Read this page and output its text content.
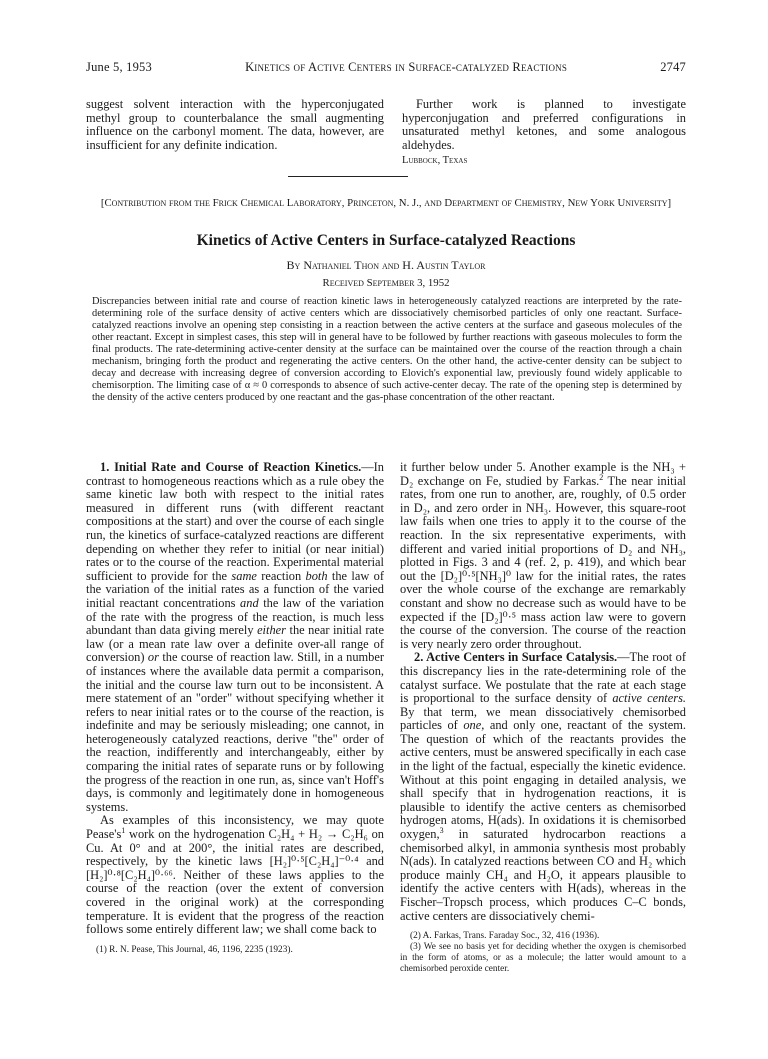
June 5, 1953	Kinetics of Active Centers in Surface-catalyzed Reactions	2747

suggest solvent interaction with the hyperconjugated methyl group to counterbalance the small augmenting influence on the carbonyl moment. The data, however, are insufficient for any definite indication.

Further work is planned to investigate hyperconjugation and preferred configurations in unsaturated methyl ketones, and some analogous aldehydes.

Lubbock, Texas
[Contribution from the Frick Chemical Laboratory, Princeton, N. J., and Department of Chemistry, New York University]
Kinetics of Active Centers in Surface-catalyzed Reactions
By Nathaniel Thon and H. Austin Taylor
Received September 3, 1952
Discrepancies between initial rate and course of reaction kinetic laws in heterogeneously catalyzed reactions are interpreted by the rate-determining role of the surface density of active centers which are dissociatively chemisorbed particles of only one reactant. Surface-catalyzed reactions involve an opening step consisting in a reaction between the active centers at the surface and gaseous molecules of the other reactant. Except in simplest cases, this step will in general have to be followed by further reactions with gaseous molecules to form the final products. The rate-determining active-center density at the surface can be maintained over the course of the reaction through a chain mechanism, bringing forth the product and regenerating the active centers. On the other hand, the active-center density can be subject to decay and decrease with increasing degree of conversion according to Elovich's exponential law, previously found widely applicable to chemisorption. The limiting case of α ≈ 0 corresponds to absence of such active-center decay. The rate of the opening step is determined by the density of the active centers produced by one reactant and the gas-phase concentration of the other reactant.

1. Initial Rate and Course of Reaction Kinetics.—In contrast to homogeneous reactions which as a rule obey the same kinetic law both with respect to the initial rates measured in different runs (with different reactant compositions at the start) and over the course of each single run, the kinetics of surface-catalyzed reactions are different depending on whether they refer to initial (or near initial) rates or to the course of the reaction. Experimental material sufficient to provide for the same reaction both the law of the variation of the initial rates as a function of the varied initial reactant concentrations and the law of the variation of the rate with the progress of the reaction, is much less abundant than data giving merely either the near initial rate law (or a mean rate law over a definite over-all range of conversion) or the course of reaction law. Still, in a number of instances where the available data permit a comparison, the initial and the course law turn out to be inconsistent. A mere statement of an "order" without specifying whether it refers to near initial rates or to the course of the reaction, is indefinite and may be seriously misleading; one cannot, in heterogeneously catalyzed reactions, derive "the" order of the reaction, indifferently and interchangeably, either by comparing the initial rates of separate runs or by following the progress of the reaction in one run, as, since van't Hoff's days, is commonly and legitimately done in homogeneous systems.

As examples of this inconsistency, we may quote $Pease's^1$ work on the hydrogenation C₂H₄ + H₂ → C₂H₆ on Cu. At 0° and at 200°, the initial rates are described, respectively, by the kinetic laws [H₂]⁰·⁵[C₂H₄]⁻⁰·⁴ and [H₂]⁰·⁸[C₂H₄]⁰·⁶⁶. Neither of these laws applies to the course of the reaction (over the extent of conversion covered in the original work) at the corresponding temperature. It is evident that the progress of the reaction follows some entirely different law; we shall come back to

(1) R. N. Pease, This Journal, 46, 1196, 2235 (1923).

it further below under 5. Another example is the NH₃ + D₂ exchange on Fe, studied by Farkas.$^2$ The near initial rates, from one run to another, are, roughly, of 0.5 order in D₂, and zero order in NH₃. However, this square-root law fails when one tries to apply it to the course of the reaction. In the six representative experiments, with different and varied initial proportions of D₂ and NH₃, plotted in Figs. 3 and 4 (ref. 2, p. 419), and which bear out the [D₂]⁰·⁵[NH₃]⁰ law for the initial rates, the rates over the whole course of the exchange are remarkably constant and show no decrease such as would have to be expected if the [D₂]⁰·⁵ mass action law were to govern the course of the conversion. The course of the reaction is very nearly zero order throughout.

2. Active Centers in Surface Catalysis.—The root of this discrepancy lies in the rate-determining role of the catalyst surface. We postulate that the rate at each stage is proportional to the surface density of active centers. By that term, we mean dissociatively chemisorbed particles of one, and only one, reactant of the system. The question of which of the reactants provides the active centers, must be answered specifically in each case in the light of the factual, especially the kinetic evidence. Without at this point engaging in detailed analysis, we shall specify that in hydrogenation reactions, it is plausible to identify the active centers as chemisorbed hydrogen atoms, H(ads). In oxidations it is chemisorbed oxygen,$^3$ in saturated hydrocarbon reactions a chemisorbed alkyl, in ammonia synthesis most probably N(ads). In catalyzed reactions between CO and H₂ which produce mainly CH₄ and H₂O, it appears plausible to identify the active centers with H(ads), whereas in the Fischer–Tropsch process, which produces C–C bonds, active centers are dissociatively chemi-

(2) A. Farkas, Trans. Faraday Soc., 32, 416 (1936).

(3) We see no basis yet for deciding whether the oxygen is chemisorbed in the form of atoms, or as a molecule; the latter would amount to a chemisorbed peroxide center.
